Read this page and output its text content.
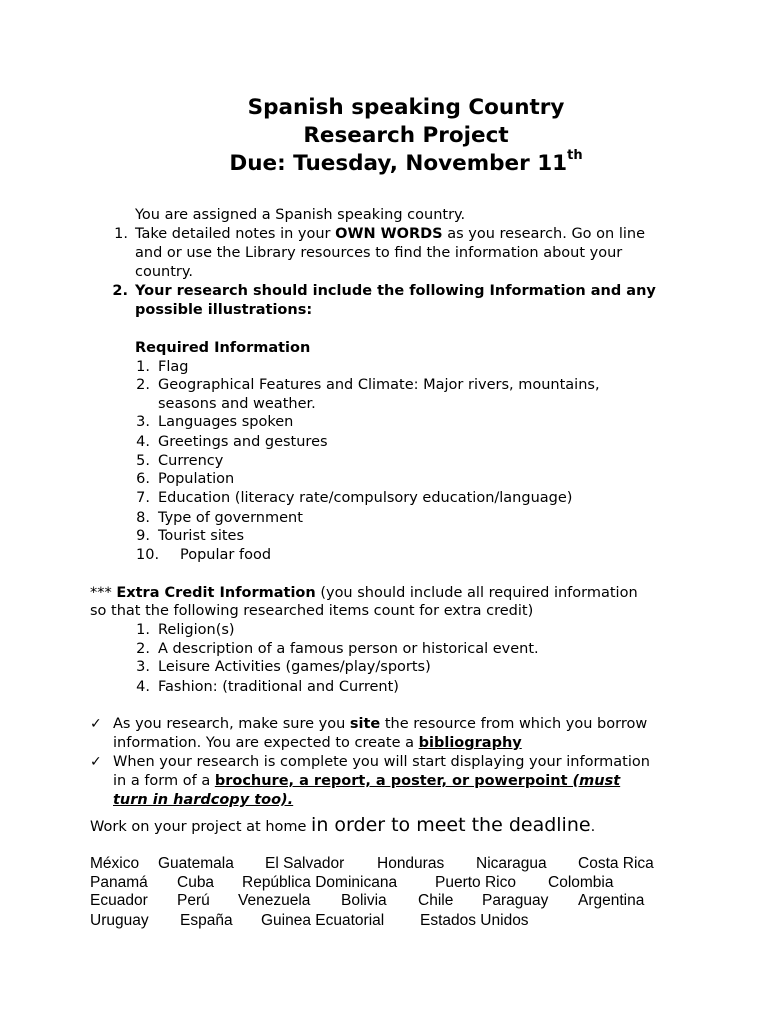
Spanish speaking Country
Research Project
Due: Tuesday, November 11th
You are assigned a Spanish speaking country.
1. Take detailed notes in your OWN WORDS as you research. Go on line
and or use the Library resources to find the information about your
country.
2. Your research should include the following Information and any
possible illustrations:
Required Information
1. Flag
2. Geographical Features and Climate: Major rivers, mountains,
seasons and weather.
3. Languages spoken
4. Greetings and gestures
5. Currency
6. Population
7. Education (literacy rate/compulsory education/language)
8. Type of government
9. Tourist sites
10. Popular food
*** Extra Credit Information (you should include all required information
so that the following researched items count for extra credit)
1. Religion(s)
2. A description of a famous person or historical event.
3. Leisure Activities (games/play/sports)
4. Fashion: (traditional and Current)
✓ As you research, make sure you site the resource from which you borrow
information. You are expected to create a bibliography
✓ When your research is complete you will start displaying your information
in a form of a brochure, a report, a poster, or powerpoint (must
turn in hardcopy too).
Work on your project at home in order to meet the deadline.
México Guatemala El Salvador Honduras Nicaragua Costa Rica
Panamá Cuba República Dominicana Puerto Rico Colombia
Ecuador Perú Venezuela Bolivia Chile Paraguay Argentina
Uruguay España Guinea Ecuatorial Estados Unidos
